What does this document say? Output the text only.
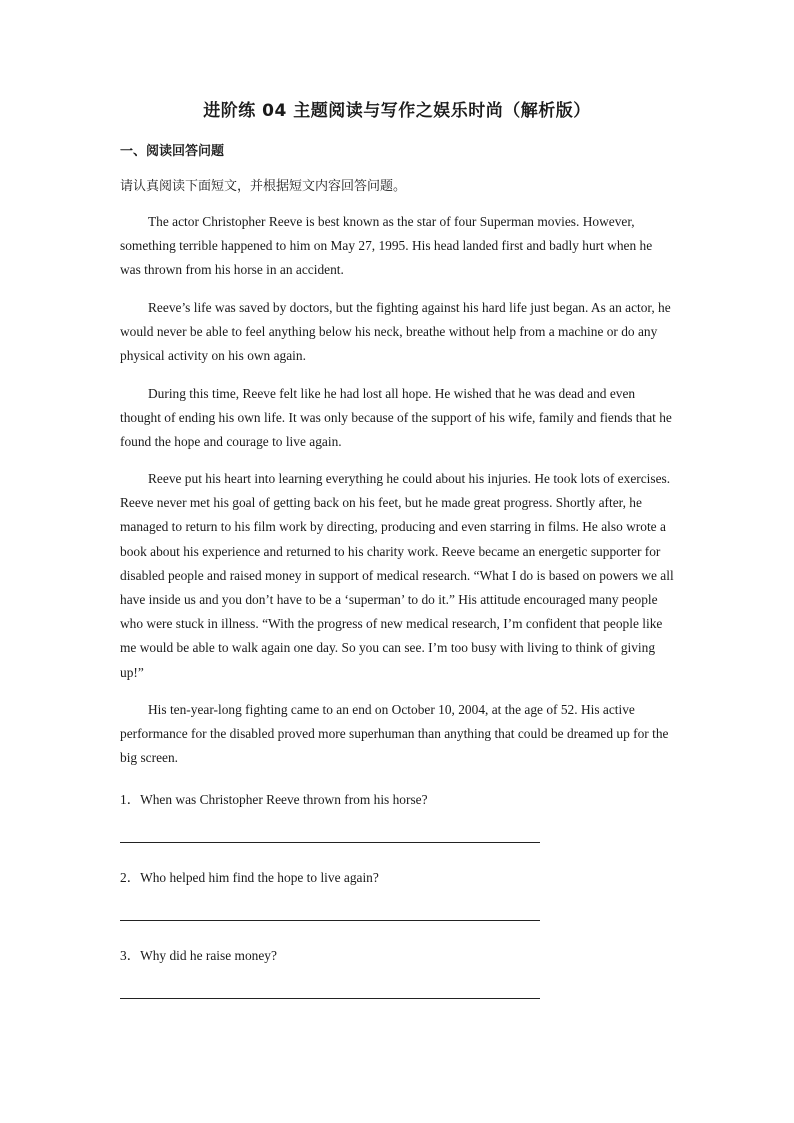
进阶练 04 主题阅读与写作之娱乐时尚（解析版）
一、阅读回答问题
请认真阅读下面短文，并根据短文内容回答问题。

The actor Christopher Reeve is best known as the star of four Superman movies. However, something terrible happened to him on May 27, 1995. His head landed first and badly hurt when he was thrown from his horse in an accident.

Reeve’s life was saved by doctors, but the fighting against his hard life just began. As an actor, he would never be able to feel anything below his neck, breathe without help from a machine or do any physical activity on his own again.

During this time, Reeve felt like he had lost all hope. He wished that he was dead and even thought of ending his own life. It was only because of the support of his wife, family and fiends that he found the hope and courage to live again.

Reeve put his heart into learning everything he could about his injuries. He took lots of exercises. Reeve never met his goal of getting back on his feet, but he made great progress. Shortly after, he managed to return to his film work by directing, producing and even starring in films. He also wrote a book about his experience and returned to his charity work. Reeve became an energetic supporter for disabled people and raised money in support of medical research. “What I do is based on powers we all have inside us and you don’t have to be a ‘superman’ to do it.” His attitude encouraged many people who were stuck in illness. “With the progress of new medical research, I’m confident that people like me would be able to walk again one day. So you can see. I’m too busy with living to think of giving up!”

His ten-year-long fighting came to an end on October 10, 2004, at the age of 52. His active performance for the disabled proved more superhuman than anything that could be dreamed up for the big screen.

1．When was Christopher Reeve thrown from his horse?
2．Who helped him find the hope to live again?
3．Why did he raise money?
